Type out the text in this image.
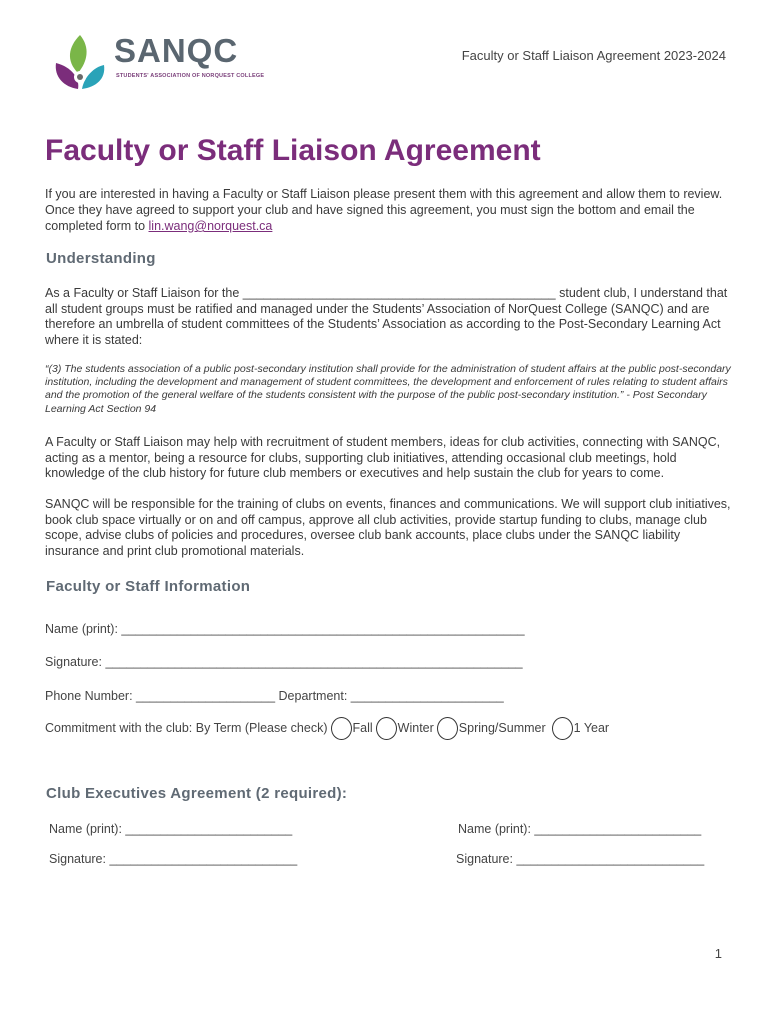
SANQC
STUDENTS' ASSOCIATION OF NORQUEST COLLEGE
Faculty or Staff Liaison Agreement 2023-2024
Faculty or Staff Liaison Agreement
If you are interested in having a Faculty or Staff Liaison please present them with this agreement and allow them to review. Once they have agreed to support your club and have signed this agreement, you must sign the bottom and email the completed form to lin.wang@norquest.ca
Understanding
As a Faculty or Staff Liaison for the _____________________________________________ student club, I understand that all student groups must be ratified and managed under the Students’ Association of NorQuest College (SANQC) and are therefore an umbrella of student committees of the Students’ Association as according to the Post-Secondary Learning Act where it is stated:
“(3) The students association of a public post-secondary institution shall provide for the administration of student affairs at the public post-secondary institution, including the development and management of student committees, the development and enforcement of rules relating to student affairs and the promotion of the general welfare of the students consistent with the purpose of the public post-secondary institution.” - Post Secondary Learning Act Section 94
A Faculty or Staff Liaison may help with recruitment of student members, ideas for club activities, connecting with SANQC, acting as a mentor, being a resource for clubs, supporting club initiatives, attending occasional club meetings, hold knowledge of the club history for future club members or executives and help sustain the club for years to come.
SANQC will be responsible for the training of clubs on events, finances and communications. We will support club initiatives, book club space virtually or on and off campus, approve all club activities, provide startup funding to clubs, manage club scope, advise clubs of policies and procedures, oversee club bank accounts, place clubs under the SANQC liability insurance and print club promotional materials.
Faculty or Staff Information
Name (print): __________________________________________________________
Signature: ____________________________________________________________
Phone Number: ____________________ Department: ______________________
Commitment with the club: By Term (Please check) Fall Winter Spring/Summer 1 Year
Club Executives Agreement (2 required):
Name (print): ________________________
Signature: ___________________________
Name (print): ________________________
Signature: ___________________________
1
